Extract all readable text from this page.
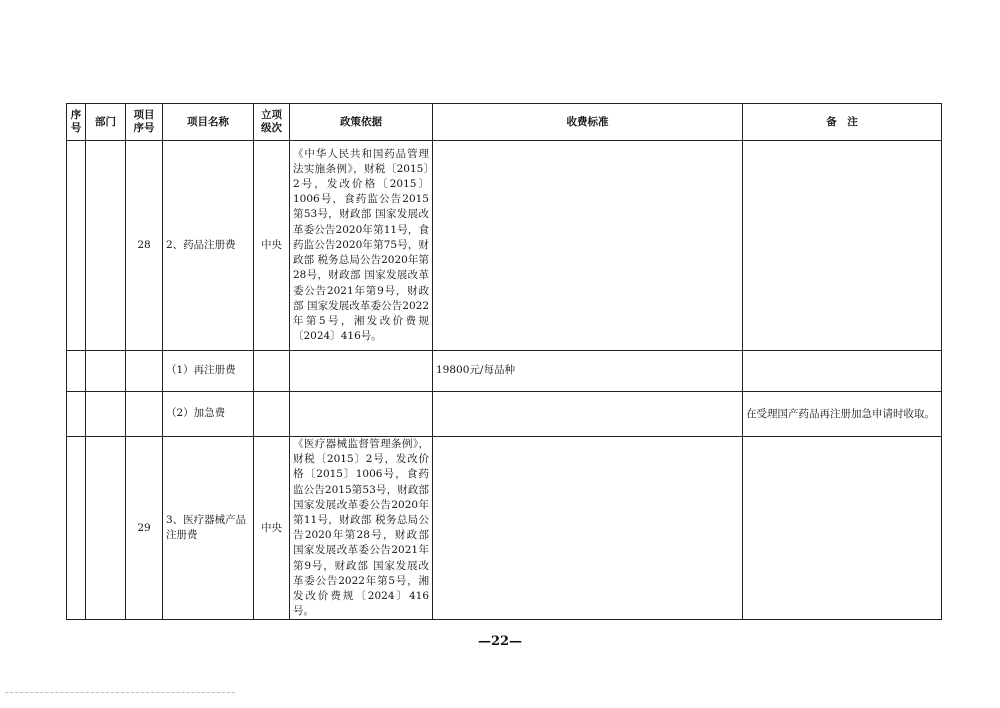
序号	部门	项目序号	项目名称	立项级次	政策依据	收费标准	备　注
		28	2、药品注册费	中央	《中华人民共和国药品管理法实施条例》，财税〔2015〕2号，发改价格〔2015〕1006号，食药监公告2015第53号，财政部 国家发展改革委公告2020年第11号，食药监公告2020年第75号，财政部 税务总局公告2020年第28号，财政部 国家发展改革委公告2021年第9号，财政部 国家发展改革委公告2022年第5号，湘发改价费规〔2024〕416号。		
			（1）再注册费			19800元/每品种	
			（2）加急费				在受理国产药品再注册加急申请时收取。
		29	3、医疗器械产品注册费	中央	《医疗器械监督管理条例》，财税〔2015〕2号，发改价格〔2015〕1006号，食药监公告2015第53号，财政部 国家发展改革委公告2020年第11号，财政部 税务总局公告2020年第28号，财政部 国家发展改革委公告2021年第9号，财政部 国家发展改革委公告2022年第5号，湘发改价费规〔2024〕416号。		
—22—
